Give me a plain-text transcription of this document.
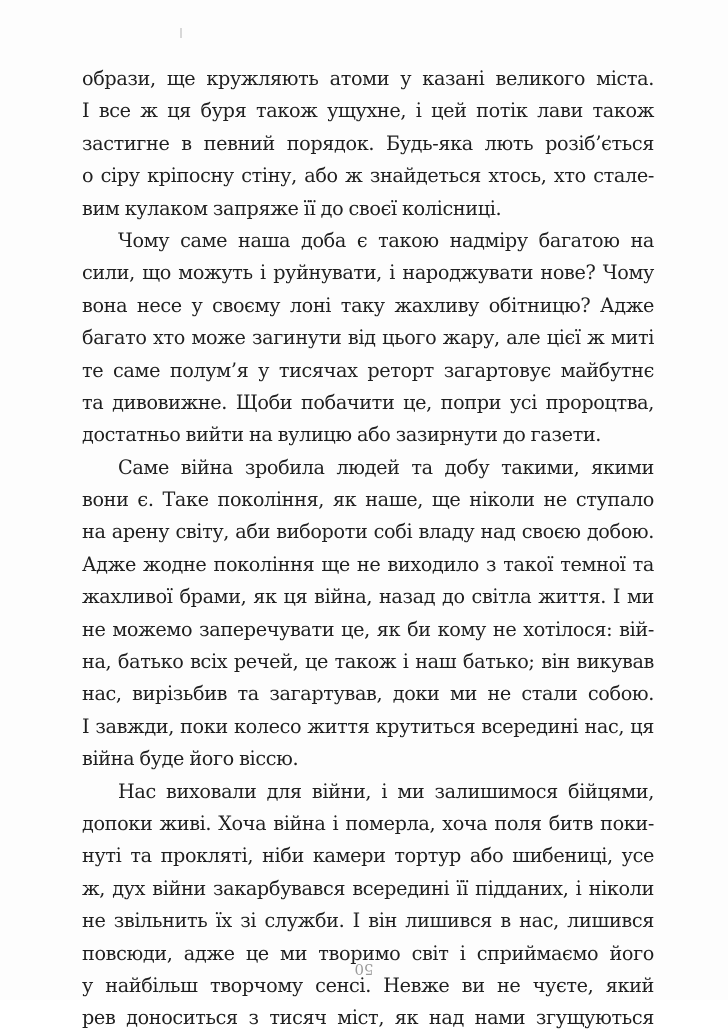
образи, ще кружляють атоми у казані великого міста.
І все ж ця буря також ущухне, і цей потік лави також
застигне в певний порядок. Будь-яка лють розіб’ється
о сіру кріпосну стіну, або ж знайдеться хтось, хто стале-
вим кулаком запряже її до своєї колісниці.

Чому саме наша доба є такою надміру багатою на
сили, що можуть і руйнувати, і народжувати нове? Чому
вона несе у своєму лоні таку жахливу обітницю? Адже
багато хто може загинути від цього жару, але цієї ж миті
те саме полум’я у тисячах реторт загартовує майбутнє
та дивовижне. Щоби побачити це, попри усі пророцтва,
достатньо вийти на вулицю або зазирнути до газети.

Саме війна зробила людей та добу такими, якими
вони є. Таке покоління, як наше, ще ніколи не ступало
на арену світу, аби вибороти собі владу над своєю добою.
Адже жодне покоління ще не виходило з такої темної та
жахливої брами, як ця війна, назад до світла життя. І ми
не можемо заперечувати це, як би кому не хотілося: вій-
на, батько всіх речей, це також і наш батько; він викував
нас, вирізьбив та загартував, доки ми не стали собою.
І завжди, поки колесо життя крутиться всередині нас, ця
війна буде його віссю.

Нас виховали для війни, і ми залишимося бійцями,
допоки живі. Хоча війна і померла, хоча поля битв поки-
нуті та прокляті, ніби камери тортур або шибениці, усе
ж, дух війни закарбувався всередині її підданих, і ніколи
не звільнить їх зі служби. І він лишився в нас, лишився
повсюди, адже це ми творимо світ і сприймаємо його
у найбільш творчому сенсі. Невже ви не чуєте, який
рев доноситься з тисяч міст, як над нами згущуються

50
